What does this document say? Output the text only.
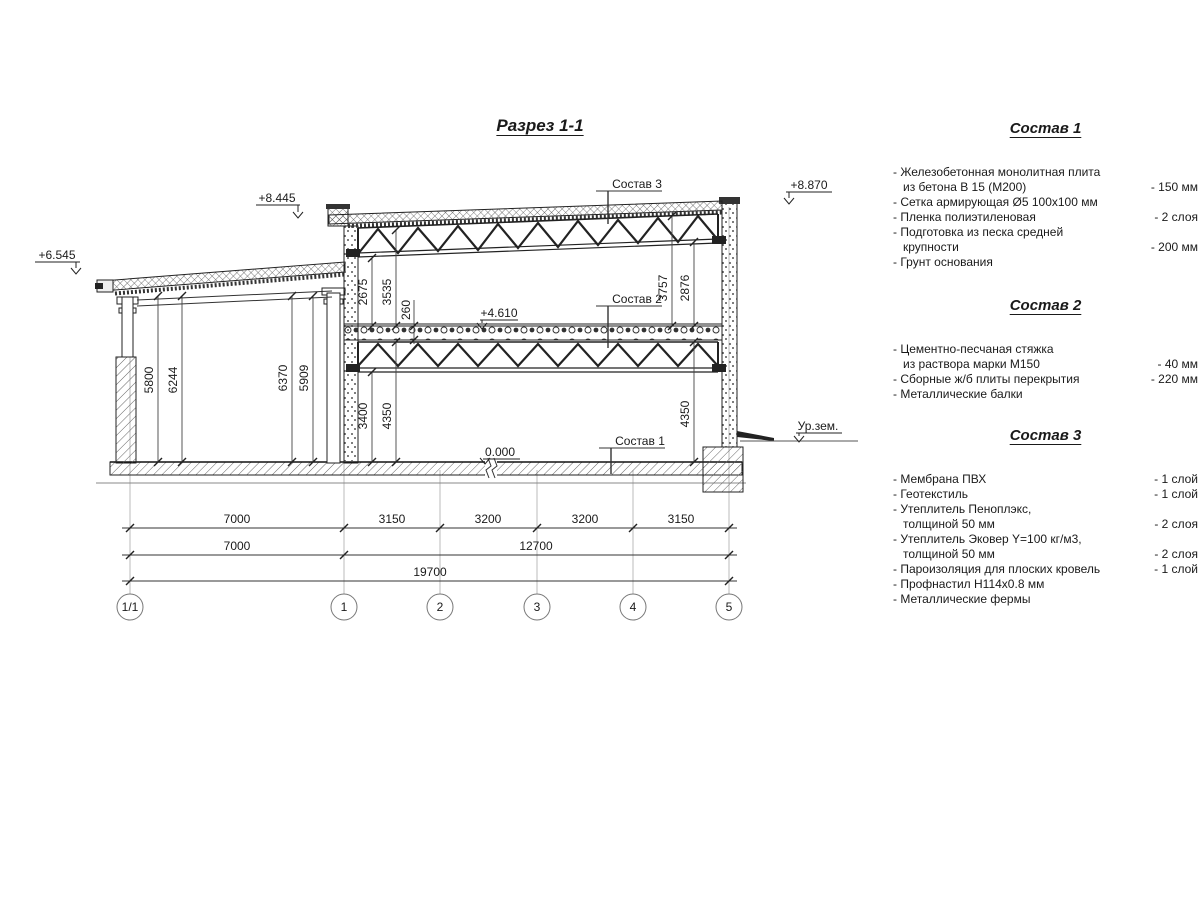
Разрез 1-1
5800 6244	6370 5909
2675 3535
260
3400 4350
3757 2876
4350
+8.445
+6.545
+8.870
+4.610
0.000
Ур.зем.
Состав 3
Состав 2
Состав 1
7000	3150	3200	3200	3150
7000	12700
19700
1/1	1	2	3	4	5
Состав 1
- Железобетонная монолитная плита
из бетона В 15 (М200)	- 150 мм
- Сетка армирующая Ø5 100х100 мм
- Пленка полиэтиленовая	- 2 слоя
- Подготовка из песка средней
крупности	- 200 мм
- Грунт основания
Состав 2
- Цементно-песчаная стяжка
из раствора марки М150	- 40 мм
- Сборные ж/б плиты перекрытия	- 220 мм
- Металлические балки
Состав 3
- Мембрана ПВХ	- 1 слой
- Геотекстиль	- 1 слой
- Утеплитель Пеноплэкс,
толщиной 50 мм	- 2 слоя
- Утеплитель Эковер Y=100 кг/м3,
толщиной 50 мм	- 2 слоя
- Пароизоляция для плоских кровель	- 1 слой
- Профнастил Н114х0.8 мм
- Металлические фермы
